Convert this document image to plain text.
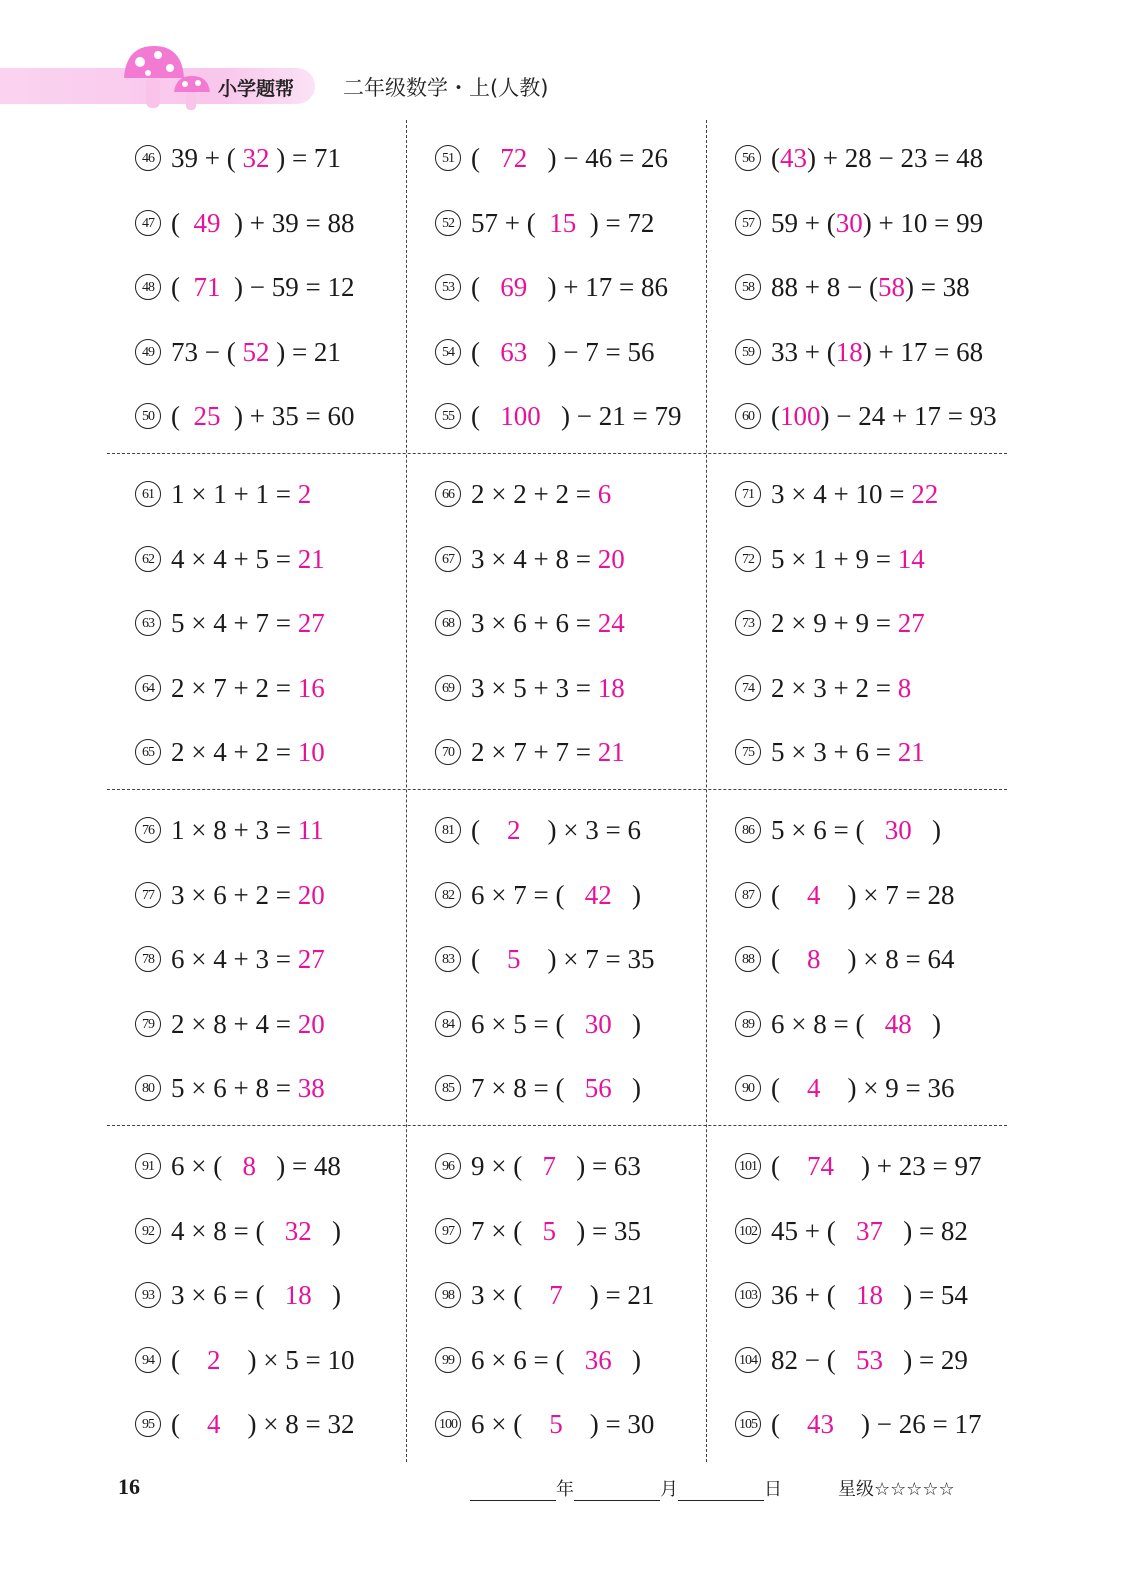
小学题帮 二年级数学・上(人教)
46 39 + ( 32 ) = 71
47 (  49  ) + 39 = 88
48 (  71  ) − 59 = 12
49 73 − ( 52 ) = 21
50 (  25  ) + 35 = 60
51 (   72   ) − 46 = 26
52 57 + (  15  ) = 72
53 (   69   ) + 17 = 86
54 (   63   ) − 7 = 56
55 (   100   ) − 21 = 79
56 (43) + 28 − 23 = 48
57 59 + (30) + 10 = 99
58 88 + 8 − (58) = 38
59 33 + (18) + 17 = 68
60 (100) − 24 + 17 = 93
61 1 × 1 + 1 = 2
62 4 × 4 + 5 = 21
63 5 × 4 + 7 = 27
64 2 × 7 + 2 = 16
65 2 × 4 + 2 = 10
66 2 × 2 + 2 = 6
67 3 × 4 + 8 = 20
68 3 × 6 + 6 = 24
69 3 × 5 + 3 = 18
70 2 × 7 + 7 = 21
71 3 × 4 + 10 = 22
72 5 × 1 + 9 = 14
73 2 × 9 + 9 = 27
74 2 × 3 + 2 = 8
75 5 × 3 + 6 = 21
76 1 × 8 + 3 = 11
77 3 × 6 + 2 = 20
78 6 × 4 + 3 = 27
79 2 × 8 + 4 = 20
80 5 × 6 + 8 = 38
81 (    2    ) × 3 = 6
82 6 × 7 = (   42   )
83 (    5    ) × 7 = 35
84 6 × 5 = (   30   )
85 7 × 8 = (   56   )
86 5 × 6 = (   30   )
87 (    4    ) × 7 = 28
88 (    8    ) × 8 = 64
89 6 × 8 = (   48   )
90 (    4    ) × 9 = 36
91 6 × (   8   ) = 48
92 4 × 8 = (   32   )
93 3 × 6 = (   18   )
94 (    2    ) × 5 = 10
95 (    4    ) × 8 = 32
96 9 × (   7   ) = 63
97 7 × (   5   ) = 35
98 3 × (    7    ) = 21
99 6 × 6 = (   36   )
100 6 × (    5    ) = 30
101 (    74    ) + 23 = 97
102 45 + (   37   ) = 82
103 36 + (   18   ) = 54
104 82 − (   53   ) = 29
105 (    43    ) − 26 = 17
16	年	月	日	星级☆☆☆☆☆
